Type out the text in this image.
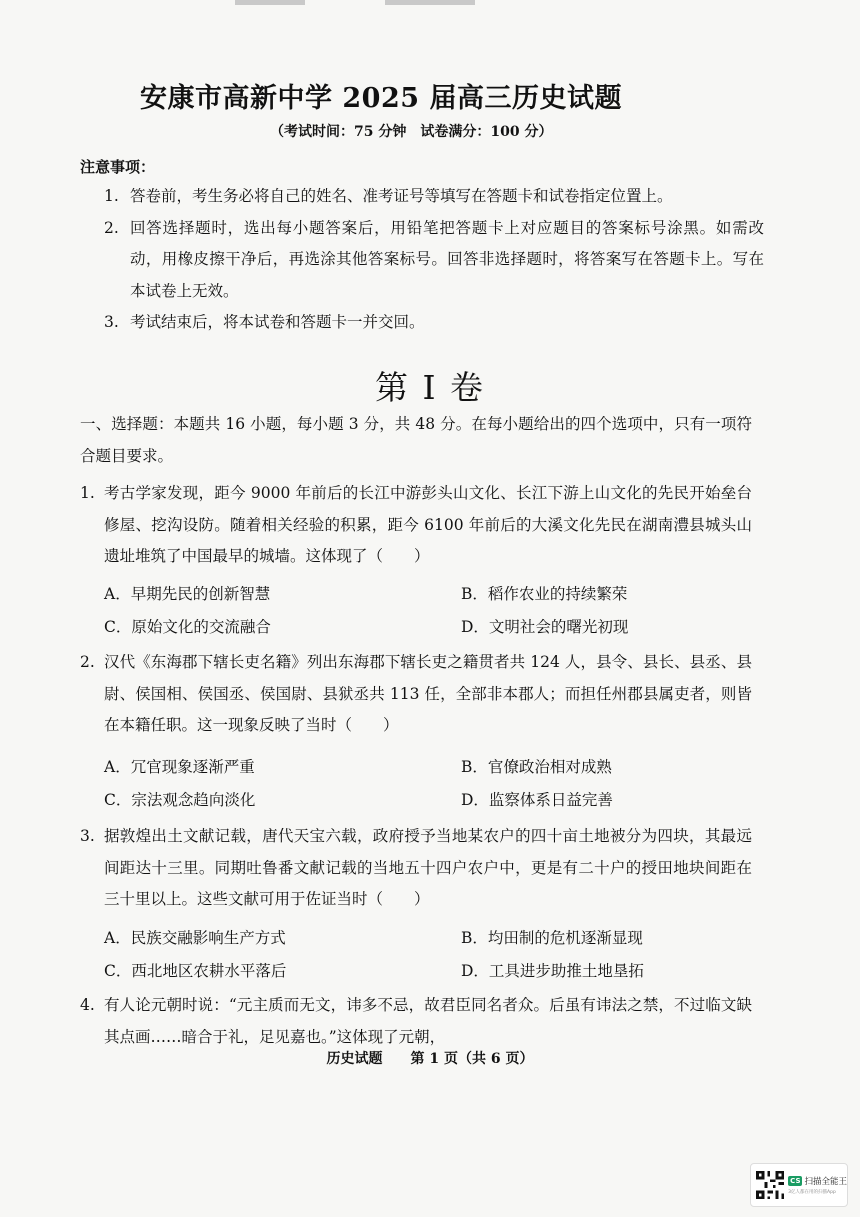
安康市高新中学 2025 届高三历史试题
（考试时间：75 分钟　试卷满分：100 分）
注意事项：
1. 答卷前，考生务必将自己的姓名、准考证号等填写在答题卡和试卷指定位置上。
2. 回答选择题时，选出每小题答案后，用铅笔把答题卡上对应题目的答案标号涂黑。如需改动，用橡皮擦干净后，再选涂其他答案标号。回答非选择题时，将答案写在答题卡上。写在本试卷上无效。
3. 考试结束后，将本试卷和答题卡一并交回。
第 I 卷
一、选择题：本题共 16 小题，每小题 3 分，共 48 分。在每小题给出的四个选项中，只有一项符合题目要求。
1. 考古学家发现，距今 9000 年前后的长江中游彭头山文化、长江下游上山文化的先民开始垒台修屋、挖沟设防。随着相关经验的积累，距今 6100 年前后的大溪文化先民在湖南澧县城头山遗址堆筑了中国最早的城墙。这体现了（　　）
A．早期先民的创新智慧	B．稻作农业的持续繁荣
C．原始文化的交流融合	D．文明社会的曙光初现
2. 汉代《东海郡下辖长吏名籍》列出东海郡下辖长吏之籍贯者共 124 人，县令、县长、县丞、县尉、侯国相、侯国丞、侯国尉、县狱丞共 113 任，全部非本郡人；而担任州郡县属吏者，则皆在本籍任职。这一现象反映了当时（　　）
A．冗官现象逐渐严重	B．官僚政治相对成熟
C．宗法观念趋向淡化	D．监察体系日益完善
3. 据敦煌出土文献记载，唐代天宝六载，政府授予当地某农户的四十亩土地被分为四块，其最远间距达十三里。同期吐鲁番文献记载的当地五十四户农户中，更是有二十户的授田地块间距在三十里以上。这些文献可用于佐证当时（　　）
A．民族交融影响生产方式	B．均田制的危机逐渐显现
C．西北地区农耕水平落后	D．工具进步助推土地垦拓
4. 有人论元朝时说：“元主质而无文，讳多不忌，故君臣同名者众。后虽有讳法之禁，不过临文缺其点画……暗合于礼，足见嘉也。”这体现了元朝，
历史试题　　第 1 页（共 6 页）
CS 扫描全能王
3亿人都在用的扫描App
